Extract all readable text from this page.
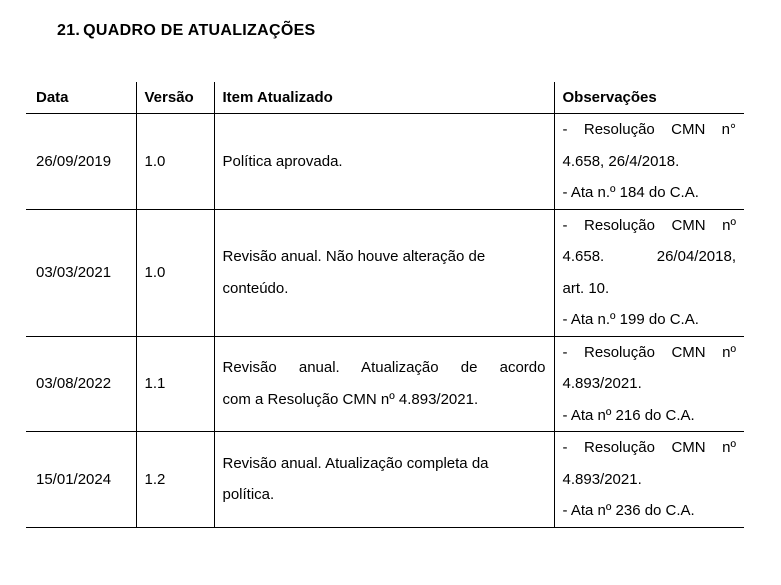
21. QUADRO DE ATUALIZAÇÕES
Data	Versão	Item Atualizado	Observações
26/09/2019	1.0	Política aprovada.	- Resolução CMN n°
4.658, 26/4/2018.
- Ata n.º 184 do C.A.

03/03/2021	1.0	Revisão anual. Não houve alteração de
conteúdo.	- Resolução CMN nº
4.658. 26/04/2018,
art. 10.
- Ata n.º 199 do C.A.

03/08/2022	1.1	Revisão anual. Atualização de acordo
com a Resolução CMN nº 4.893/2021.	- Resolução CMN nº
4.893/2021.
- Ata nº 216 do C.A.

15/01/2024	1.2	Revisão anual. Atualização completa da
política.	- Resolução CMN nº
4.893/2021.
- Ata nº 236 do C.A.
